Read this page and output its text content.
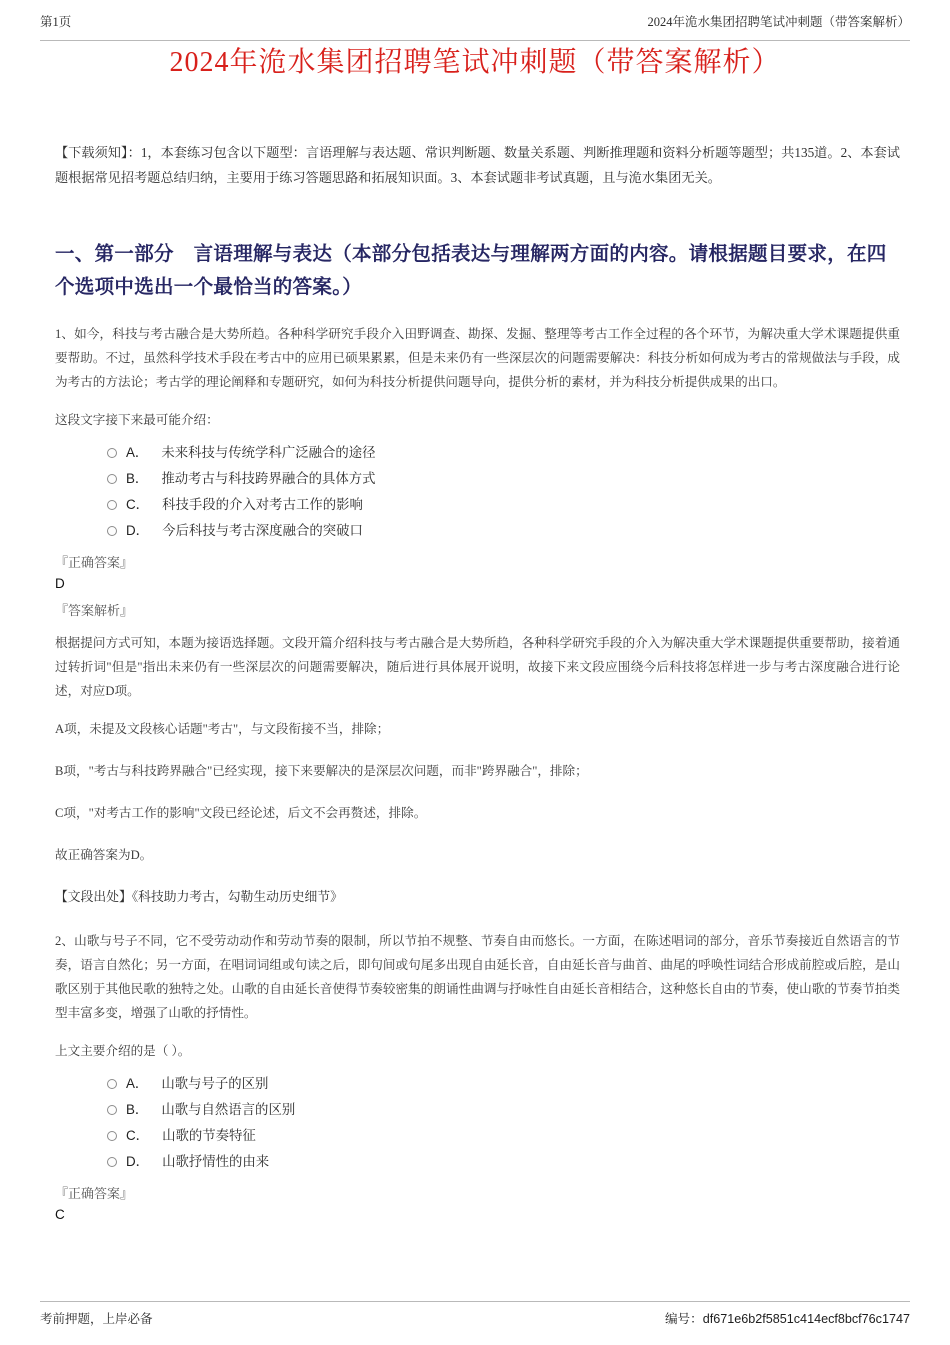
第1页	2024年洈水集团招聘笔试冲刺题（带答案解析）
2024年洈水集团招聘笔试冲刺题（带答案解析）

【下载须知】：1，本套练习包含以下题型：言语理解与表达题、常识判断题、数量关系题、判断推理题和资料分析题等题型；共135道。2、本套试题根据常见招考题总结归纳，主要用于练习答题思路和拓展知识面。3、本套试题非考试真题，且与洈水集团无关。

一、第一部分　言语理解与表达（本部分包括表达与理解两方面的内容。请根据题目要求，在四个选项中选出一个最恰当的答案。）

1、如今，科技与考古融合是大势所趋。各种科学研究手段介入田野调查、勘探、发掘、整理等考古工作全过程的各个环节，为解决重大学术课题提供重要帮助。不过，虽然科学技术手段在考古中的应用已硕果累累，但是未来仍有一些深层次的问题需要解决：科技分析如何成为考古的常规做法与手段，成为考古的方法论；考古学的理论阐释和专题研究，如何为科技分析提供问题导向，提供分析的素材，并为科技分析提供成果的出口。

这段文字接下来最可能介绍：

A． 未来科技与传统学科广泛融合的途径
B． 推动考古与科技跨界融合的具体方式
C． 科技手段的介入对考古工作的影响
D． 今后科技与考古深度融合的突破口

『正确答案』

D

『答案解析』

根据提问方式可知，本题为接语选择题。文段开篇介绍科技与考古融合是大势所趋，各种科学研究手段的介入为解决重大学术课题提供重要帮助，接着通过转折词"但是"指出未来仍有一些深层次的问题需要解决，随后进行具体展开说明，故接下来文段应围绕今后科技将怎样进一步与考古深度融合进行论述，对应D项。

A项，未提及文段核心话题"考古"，与文段衔接不当，排除；

B项，"考古与科技跨界融合"已经实现，接下来要解决的是深层次问题，而非"跨界融合"，排除；

C项，"对考古工作的影响"文段已经论述，后文不会再赘述，排除。

故正确答案为D。

【文段出处】《科技助力考古，勾勒生动历史细节》

2、山歌与号子不同，它不受劳动动作和劳动节奏的限制，所以节拍不规整、节奏自由而悠长。一方面，在陈述唱词的部分，音乐节奏接近自然语言的节奏，语言自然化；另一方面，在唱词词组或句读之后，即句间或句尾多出现自由延长音，自由延长音与曲首、曲尾的呼唤性词结合形成前腔或后腔，是山歌区别于其他民歌的独特之处。山歌的自由延长音使得节奏较密集的朗诵性曲调与抒咏性自由延长音相结合，这种悠长自由的节奏，使山歌的节奏节拍类型丰富多变，增强了山歌的抒情性。

上文主要介绍的是（ ）。

A． 山歌与号子的区别
B． 山歌与自然语言的区别
C． 山歌的节奏特征
D． 山歌抒情性的由来

『正确答案』

C

考前押题，上岸必备	编号：df671e6b2f5851c414ecf8bcf76c1747
